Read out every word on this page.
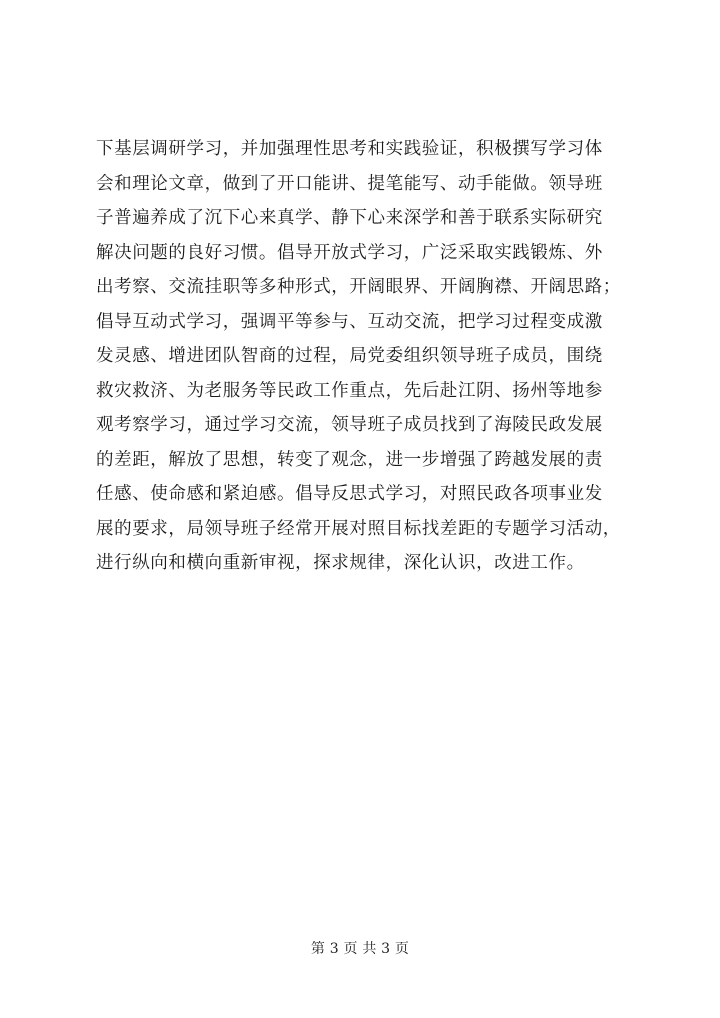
下基层调研学习，并加强理性思考和实践验证，积极撰写学习体
会和理论文章，做到了开口能讲、提笔能写、动手能做。领导班
子普遍养成了沉下心来真学、静下心来深学和善于联系实际研究
解决问题的良好习惯。倡导开放式学习，广泛采取实践锻炼、外
出考察、交流挂职等多种形式，开阔眼界、开阔胸襟、开阔思路；
倡导互动式学习，强调平等参与、互动交流，把学习过程变成激
发灵感、增进团队智商的过程，局党委组织领导班子成员，围绕
救灾救济、为老服务等民政工作重点，先后赴江阴、扬州等地参
观考察学习，通过学习交流，领导班子成员找到了海陵民政发展
的差距，解放了思想，转变了观念，进一步增强了跨越发展的责
任感、使命感和紧迫感。倡导反思式学习，对照民政各项事业发
展的要求，局领导班子经常开展对照目标找差距的专题学习活动，
进行纵向和横向重新审视，探求规律，深化认识，改进工作。
第 3 页 共 3 页
